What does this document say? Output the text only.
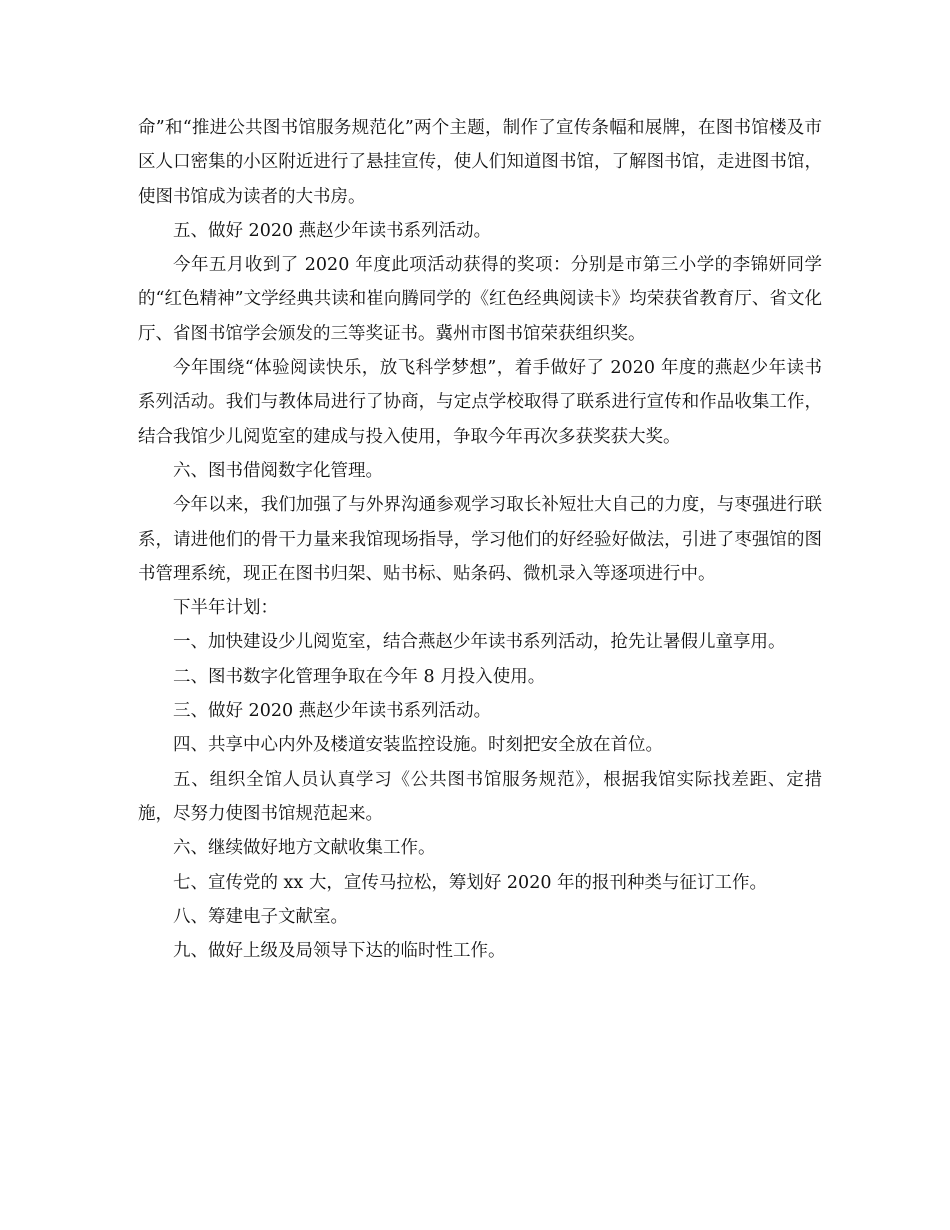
命”和“推进公共图书馆服务规范化”两个主题，制作了宣传条幅和展牌，在图书馆楼及市区人口密集的小区附近进行了悬挂宣传，使人们知道图书馆，了解图书馆，走进图书馆，使图书馆成为读者的大书房。

五、做好 2020 燕赵少年读书系列活动。

今年五月收到了 2020 年度此项活动获得的奖项：分别是市第三小学的李锦妍同学的“红色精神”文学经典共读和崔向腾同学的《红色经典阅读卡》均荣获省教育厅、省文化厅、省图书馆学会颁发的三等奖证书。冀州市图书馆荣获组织奖。

今年围绕“体验阅读快乐，放飞科学梦想”，着手做好了 2020 年度的燕赵少年读书系列活动。我们与教体局进行了协商，与定点学校取得了联系进行宣传和作品收集工作，结合我馆少儿阅览室的建成与投入使用，争取今年再次多获奖获大奖。

六、图书借阅数字化管理。

今年以来，我们加强了与外界沟通参观学习取长补短壮大自己的力度，与枣强进行联系，请进他们的骨干力量来我馆现场指导，学习他们的好经验好做法，引进了枣强馆的图书管理系统，现正在图书归架、贴书标、贴条码、微机录入等逐项进行中。

下半年计划：

一、加快建设少儿阅览室，结合燕赵少年读书系列活动，抢先让暑假儿童享用。

二、图书数字化管理争取在今年 8 月投入使用。

三、做好 2020 燕赵少年读书系列活动。

四、共享中心内外及楼道安装监控设施。时刻把安全放在首位。

五、组织全馆人员认真学习《公共图书馆服务规范》，根据我馆实际找差距、定措施，尽努力使图书馆规范起来。

六、继续做好地方文献收集工作。

七、宣传党的 xx 大，宣传马拉松，筹划好 2020 年的报刊种类与征订工作。

八、筹建电子文献室。

九、做好上级及局领导下达的临时性工作。
